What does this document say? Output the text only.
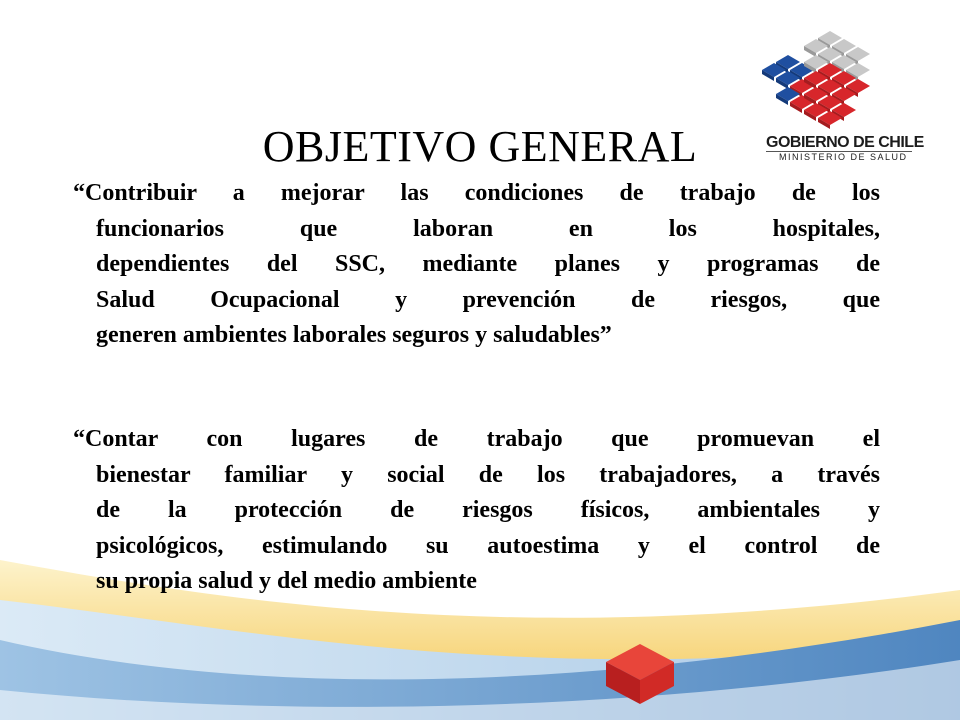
GOBIERNO DE CHILE
MINISTERIO DE SALUD
OBJETIVO GENERAL
“Contribuir a mejorar las condiciones de trabajo de los
funcionarios que laboran en los hospitales,
dependientes del SSC, mediante planes y programas de
Salud Ocupacional y prevención de riesgos, que
generen ambientes laborales seguros y saludables”
“Contar con lugares de trabajo que promuevan el
bienestar familiar y social de los trabajadores, a través
de la protección de riesgos físicos, ambientales y
psicológicos, estimulando su autoestima y el control de
su propia salud y del medio ambiente
